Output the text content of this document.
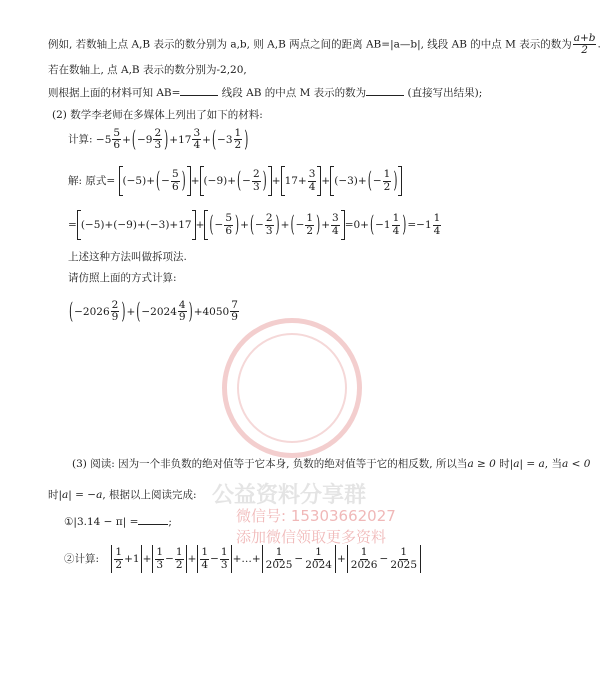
例如, 若数轴上点 A,B 表示的数分别为 a,b, 则 A,B 两点之间的距离 AB=|a—b|, 线段 AB 的中点 M 表示的数为 $\frac{a+b}{2}$ .
若在数轴上, 点 A,B 表示的数分别为-2,20,
则根据上面的材料可知 AB=	线段 AB 的中点 M 表示的数为	(直接写出结果);
(2) 数学李老师在多媒体上列出了如下的材料:
计算: $-5 \frac{5}{6} +(-9 \frac{2}{3} )+17 \frac{3}{4} +(-3 \frac{1}{2}$ )
解: 原式= $(-5)+(- \frac{5}{6}$ ) + $(-9)+(- \frac{2}{3}$ ) + $17+ \frac{3}{4} + (-3)+(- \frac{1}{2}$ )
= (−5)+(−9)+(−3)+17 + (− $\frac{5}{6}$ )+(− $\frac{2}{3}$ )+(− $\frac{1}{2}$ )+ $\frac{3}{4} =0+(-1 \frac{1}{4} )=-1 \frac{1}{4}$
上述这种方法叫做拆项法.
请仿照上面的方式计算:
$(-2026 \frac{2}{9} )+(-2024 \frac{4}{9} )+4050 \frac{7}{9}$
(3) 阅读: 因为一个非负数的绝对值等于它本身, 负数的绝对值等于它的相反数, 所以当a ≥ 0 时|a| = a, 当a < 0
时|a| = −a, 根据以上阅读完成:
①|3.14 − π| =	;
②计算: $\frac{1}{2} +1 + \frac{1}{3} - \frac{1}{2} + \frac{1}{4} - \frac{1}{3}$ +…+ $\frac{1}{2025} - \frac{1}{2024} + \frac{1}{2026} - \frac{1}{2025}$
公益资料分享群
微信号: 15303662027
添加微信领取更多资料
